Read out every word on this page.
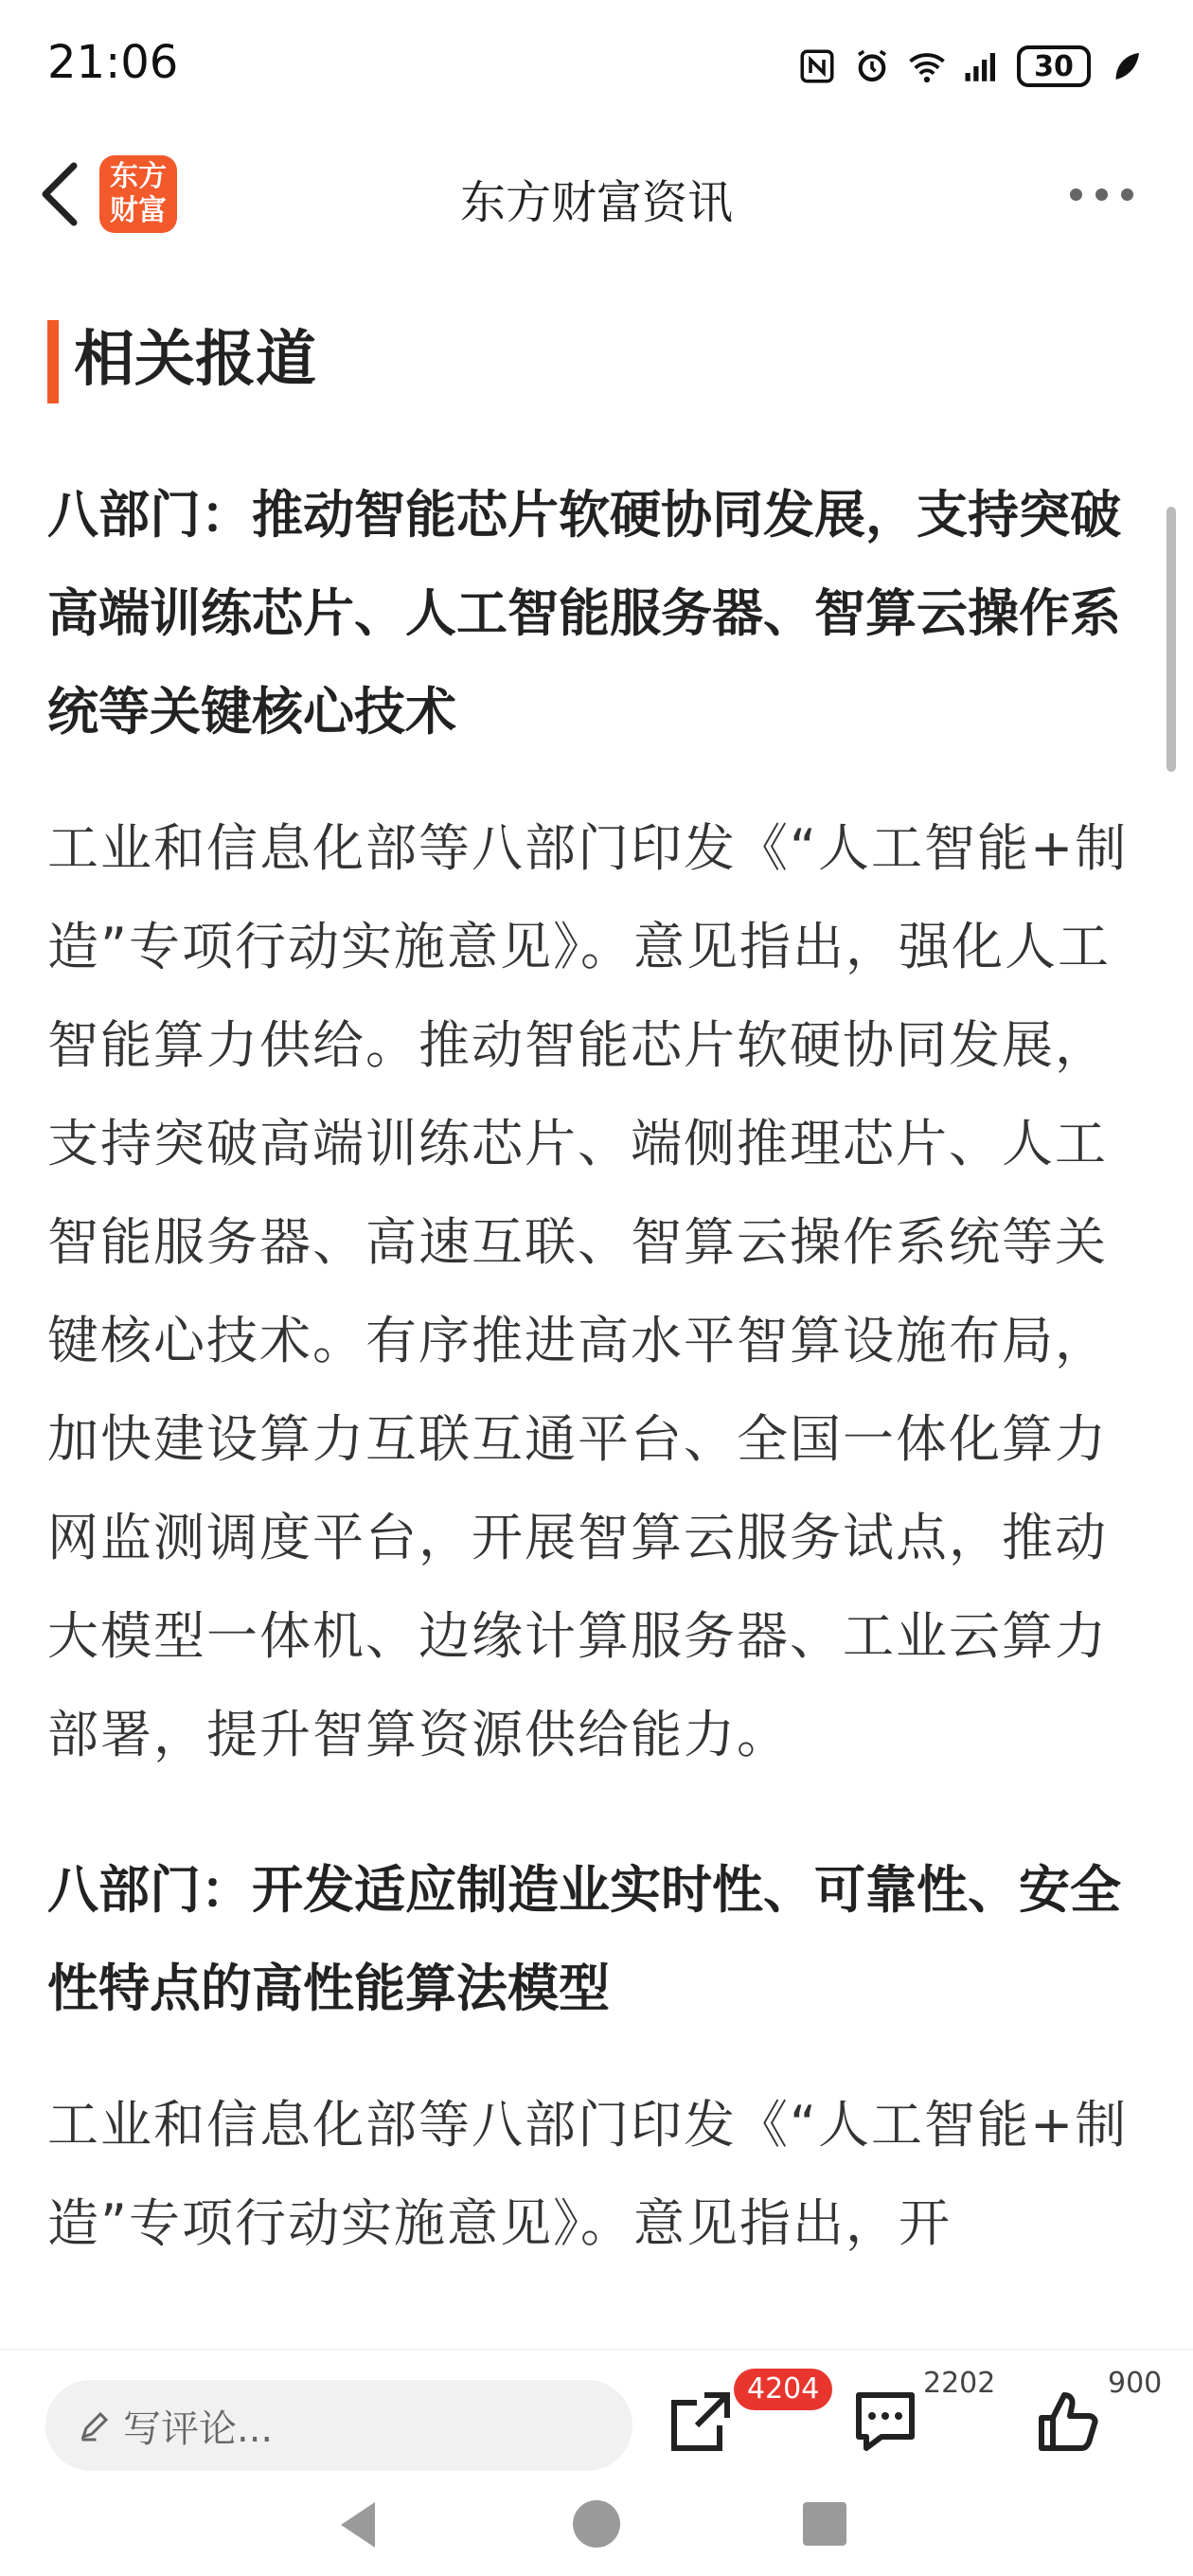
21:06	30
东方
财富	东方财富资讯
相关报道
八部门：推动智能芯片软硬协同发展，支持突破高端训练芯片、人工智能服务器、智算云操作系统等关键核心技术

工业和信息化部等八部门印发《“人工智能+制造”专项行动实施意见》。意见指出，强化人工智能算力供给。推动智能芯片软硬协同发展，支持突破高端训练芯片、端侧推理芯片、人工智能服务器、高速互联、智算云操作系统等关键核心技术。有序推进高水平智算设施布局，加快建设算力互联互通平台、全国一体化算力网监测调度平台，开展智算云服务试点，推动大模型一体机、边缘计算服务器、工业云算力部署，提升智算资源供给能力。

八部门：开发适应制造业实时性、可靠性、安全性特点的高性能算法模型

工业和信息化部等八部门印发《“人工智能+制造”专项行动实施意见》。意见指出，开

写评论...
4204	2202	900
